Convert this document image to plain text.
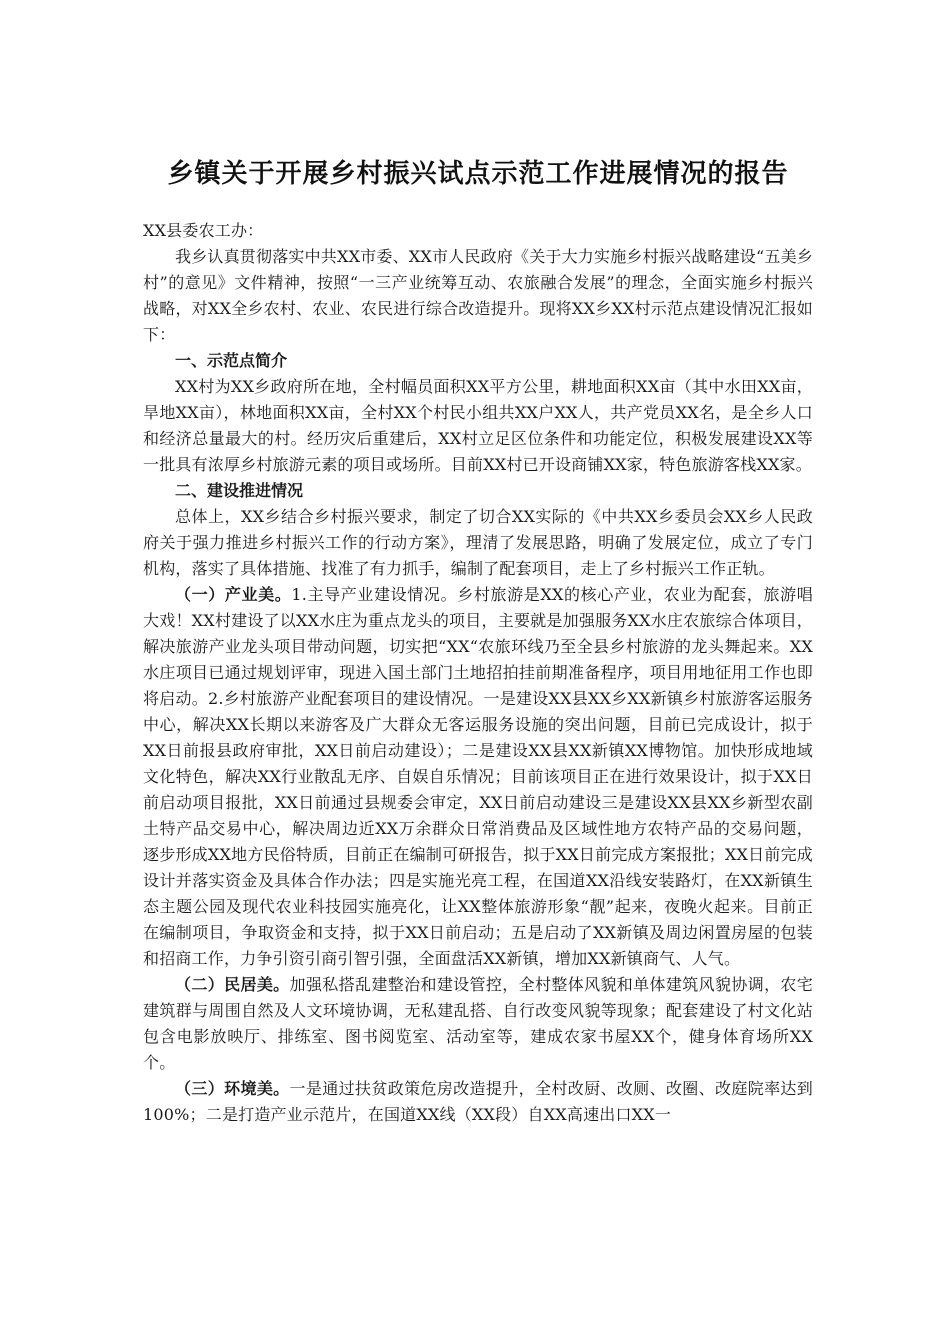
乡镇关于开展乡村振兴试点示范工作进展情况的报告

XX县委农工办：

我乡认真贯彻落实中共XX市委、XX市人民政府《关于大力实施乡村振兴战略建设“五美乡村”的意见》文件精神，按照“一三产业统筹互动、农旅融合发展”的理念，全面实施乡村振兴战略，对XX全乡农村、农业、农民进行综合改造提升。现将XX乡XX村示范点建设情况汇报如下：

一、示范点简介

XX村为XX乡政府所在地，全村幅员面积XX平方公里，耕地面积XX亩（其中水田XX亩，旱地XX亩），林地面积XX亩，全村XX个村民小组共XX户XX人，共产党员XX名，是全乡人口和经济总量最大的村。经历灾后重建后，XX村立足区位条件和功能定位，积极发展建设XX等一批具有浓厚乡村旅游元素的项目或场所。目前XX村已开设商铺XX家，特色旅游客栈XX家。

二、建设推进情况

总体上，XX乡结合乡村振兴要求，制定了切合XX实际的《中共XX乡委员会XX乡人民政府关于强力推进乡村振兴工作的行动方案》，理清了发展思路，明确了发展定位，成立了专门机构，落实了具体措施、找准了有力抓手，编制了配套项目，走上了乡村振兴工作正轨。

（一）产业美。1.主导产业建设情况。乡村旅游是XX的核心产业，农业为配套，旅游唱大戏！XX村建设了以XX水庄为重点龙头的项目，主要就是加强服务XX水庄农旅综合体项目，解决旅游产业龙头项目带动问题，切实把“XX“农旅环线乃至全县乡村旅游的龙头舞起来。XX水庄项目已通过规划评审，现进入国土部门土地招拍挂前期准备程序，项目用地征用工作也即将启动。2.乡村旅游产业配套项目的建设情况。一是建设XX县XX乡XX新镇乡村旅游客运服务中心，解决XX长期以来游客及广大群众无客运服务设施的突出问题，目前已完成设计，拟于XX日前报县政府审批，XX日前启动建设）；二是建设XX县XX新镇XX博物馆。加快形成地域文化特色，解决XX行业散乱无序、自娱自乐情况；目前该项目正在进行效果设计，拟于XX日前启动项目报批，XX日前通过县规委会审定，XX日前启动建设三是建设XX县XX乡新型农副土特产品交易中心，解决周边近XX万余群众日常消费品及区域性地方农特产品的交易问题，逐步形成XX地方民俗特质，目前正在编制可研报告，拟于XX日前完成方案报批；XX日前完成设计并落实资金及具体合作办法；四是实施光亮工程，在国道XX沿线安装路灯，在XX新镇生态主题公园及现代农业科技园实施亮化，让XX整体旅游形象“靓”起来，夜晚火起来。目前正在编制项目，争取资金和支持，拟于XX日前启动；五是启动了XX新镇及周边闲置房屋的包装和招商工作，力争引资引商引智引强，全面盘活XX新镇，增加XX新镇商气、人气。

（二）民居美。加强私搭乱建整治和建设管控，全村整体风貌和单体建筑风貌协调，农宅建筑群与周围自然及人文环境协调，无私建乱搭、自行改变风貌等现象；配套建设了村文化站包含电影放映厅、排练室、图书阅览室、活动室等，建成农家书屋XX个，健身体育场所XX个。

（三）环境美。一是通过扶贫政策危房改造提升，全村改厨、改厕、改圈、改庭院率达到100%；二是打造产业示范片，在国道XX线（XX段）自XX高速出口XX一
